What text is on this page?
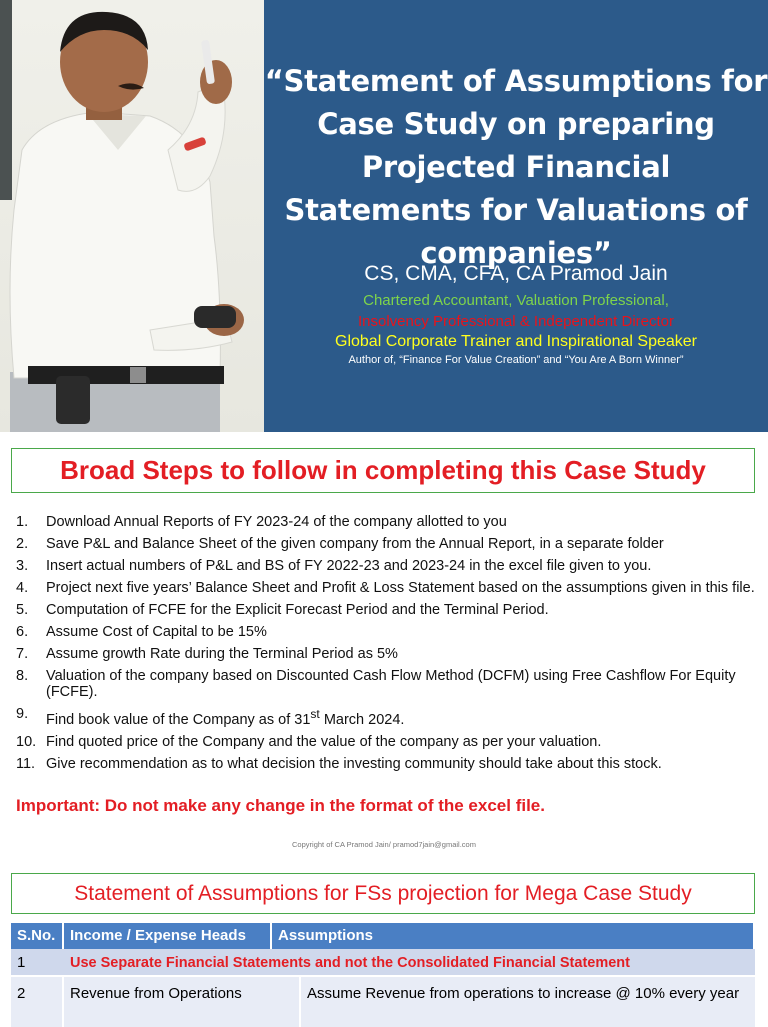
“Statement of Assumptions for Case Study on preparing Projected Financial Statements for Valuations of companies”
CS, CMA, CFA, CA Pramod Jain
Chartered Accountant, Valuation Professional,
Insolvency Professional & Independent Director
Global Corporate Trainer and Inspirational Speaker
Author of, “Finance For Value Creation” and “You Are A Born Winner”
Broad Steps to follow in completing this Case Study
1.	Download Annual Reports of FY 2023-24 of the company allotted to you
2.	Save P&L and Balance Sheet of the given company from the Annual Report, in a separate folder
3.	Insert actual numbers of P&L and BS of FY 2022-23 and 2023-24 in the excel file given to you.
4.	Project next five years’ Balance Sheet and Profit & Loss Statement based on the assumptions given in this file.
5.	Computation of FCFE for the Explicit Forecast Period and the Terminal Period.
6.	Assume Cost of Capital to be 15%
7.	Assume growth Rate during the Terminal Period as 5%
8.	Valuation of the company based on Discounted Cash Flow Method (DCFM) using Free Cashflow For Equity (FCFE).
9.	Find book value of the Company as of 31st March 2024.
10. Find quoted price of the Company and the value of the company as per your valuation.
11. Give recommendation as to what decision the investing community should take about this stock.
Important: Do not make any change in the format of the excel file.
Copyright of CA Pramod Jain/ pramod7jain@gmail.com
Statement of Assumptions for FSs projection for Mega Case Study
S.No. Income / Expense Heads	Assumptions
1	Use Separate Financial Statements and not the Consolidated Financial Statement
2	Revenue from Operations	Assume Revenue from operations to increase @ 10% every year
